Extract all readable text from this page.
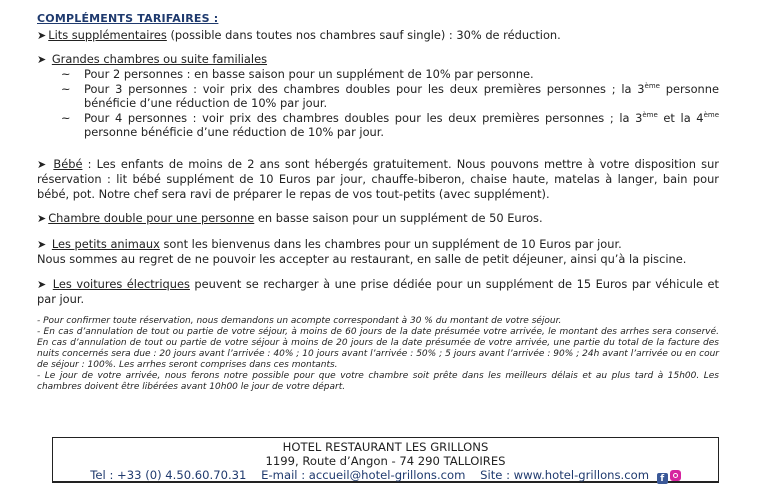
COMPLÉMENTS TARIFAIRES :

➤ Lits supplémentaires (possible dans toutes nos chambres sauf single) : 30% de réduction.

➤ Grandes chambres ou suite familiales

~ Pour 2 personnes : en basse saison pour un supplément de 10% par personne.
~ Pour 3 personnes : voir prix des chambres doubles pour les deux premières personnes ; la 3ème personne bénéficie d’une réduction de 10% par jour.
~ Pour 4 personnes : voir prix des chambres doubles pour les deux premières personnes ; la 3ème et la 4ème personne bénéficie d’une réduction de 10% par jour.

➤ Bébé : Les enfants de moins de 2 ans sont hébergés gratuitement. Nous pouvons mettre à votre disposition sur réservation : lit bébé supplément de 10 Euros par jour, chauffe-biberon, chaise haute, matelas à langer, bain pour bébé, pot. Notre chef sera ravi de préparer le repas de vos tout-petits (avec supplément).

➤ Chambre double pour une personne en basse saison pour un supplément de 50 Euros.

➤ Les petits animaux sont les bienvenus dans les chambres pour un supplément de 10 Euros par jour.

Nous sommes au regret de ne pouvoir les accepter au restaurant, en salle de petit déjeuner, ainsi qu’à la piscine.

➤ Les voitures électriques peuvent se recharger à une prise dédiée pour un supplément de 15 Euros par véhicule et par jour.

- Pour confirmer toute réservation, nous demandons un acompte correspondant à 30 % du montant de votre séjour.

- En cas d’annulation de tout ou partie de votre séjour, à moins de 60 jours de la date présumée votre arrivée, le montant des arrhes sera conservé. En cas d’annulation de tout ou partie de votre séjour à moins de 20 jours de la date présumée de votre arrivée, une partie du total de la facture des nuits concernés sera due : 20 jours avant l’arrivée : 40% ; 10 jours avant l’arrivée : 50% ; 5 jours avant l’arrivée : 90% ; 24h avant l’arrivée ou en cour de séjour : 100%. Les arrhes seront comprises dans ces montants.

- Le jour de votre arrivée, nous ferons notre possible pour que votre chambre soit prête dans les meilleurs délais et au plus tard à 15h00. Les chambres doivent être libérées avant 10h00 le jour de votre départ.

HOTEL RESTAURANT LES GRILLONS
1199, Route d’Angon - 74 290 TALLOIRES
Tel : +33 (0) 4.50.60.70.31    E-mail : accueil@hotel-grillons.com    Site : www.hotel-grillons.com f
